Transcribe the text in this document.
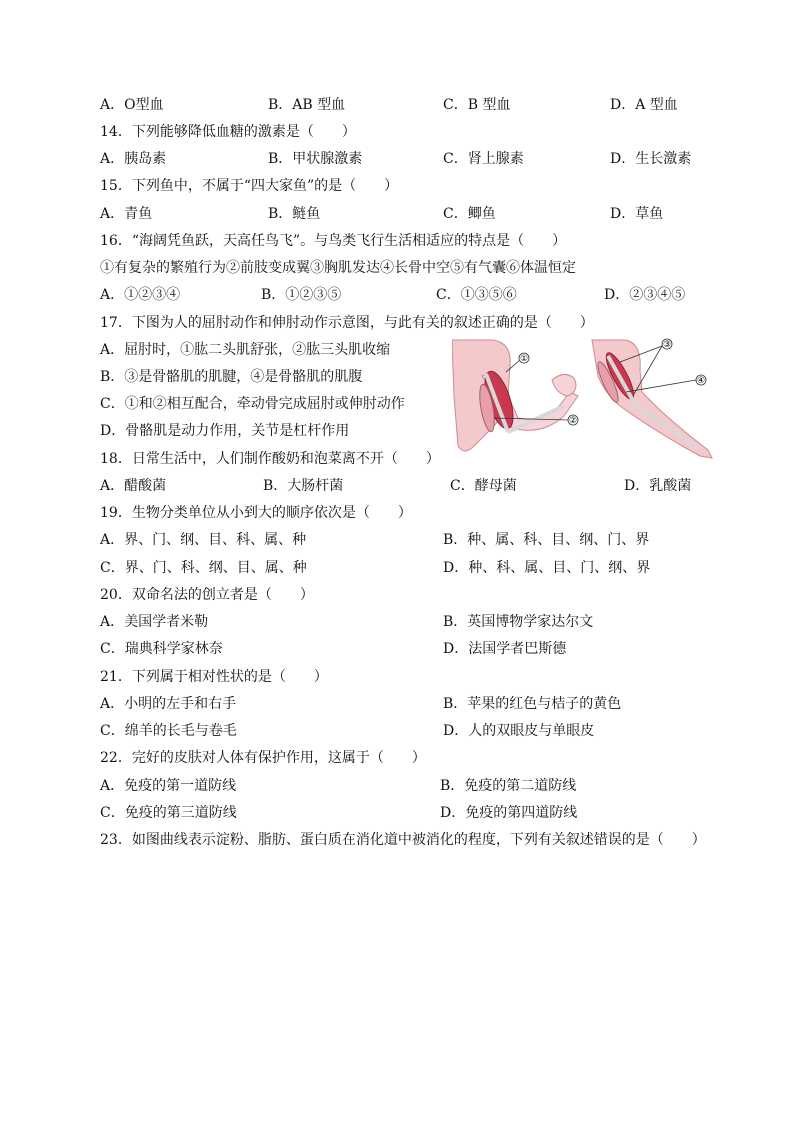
A．O型血	B．AB 型血	C．B 型血	D．A 型血
14．下列能够降低血糖的激素是（　　）
A．胰岛素	B．甲状腺激素	C．肾上腺素	D．生长激素
15．下列鱼中，不属于“四大家鱼”的是（　　）
A．青鱼	B．鲢鱼	C．鲫鱼	D．草鱼
16．“海阔凭鱼跃，天高任鸟飞”。与鸟类飞行生活相适应的特点是（　　）
①有复杂的繁殖行为②前肢变成翼③胸肌发达④长骨中空⑤有气囊⑥体温恒定
A．①②③④	B．①②③⑤	C．①③⑤⑥	D．②③④⑤
17．下图为人的屈肘动作和伸肘动作示意图，与此有关的叙述正确的是（　　）
A．屈肘时，①肱二头肌舒张，②肱三头肌收缩
B．③是骨骼肌的肌腱，④是骨骼肌的肌腹
C．①和②相互配合，牵动骨完成屈肘或伸肘动作
D．骨骼肌是动力作用，关节是杠杆作用
①
②
③
④
18．日常生活中，人们制作酸奶和泡菜离不开（　　）
A．醋酸菌	B．大肠杆菌	C．酵母菌	D．乳酸菌
19．生物分类单位从小到大的顺序依次是（　　）
A．界、门、纲、目、科、属、种	B．种、属、科、目、纲、门、界
C．界、门、科、纲、目、属、种	D．种、科、属、目、门、纲、界
20．双命名法的创立者是（　　）
A．美国学者米勒	B．英国博物学家达尔文
C．瑞典科学家林奈	D．法国学者巴斯德
21．下列属于相对性状的是（　　）
A．小明的左手和右手	B．苹果的红色与桔子的黄色
C．绵羊的长毛与卷毛	D．人的双眼皮与单眼皮
22．完好的皮肤对人体有保护作用，这属于（　　）
A．免疫的第一道防线	B．免疫的第二道防线
C．免疫的第三道防线	D．免疫的第四道防线
23．如图曲线表示淀粉、脂肪、蛋白质在消化道中被消化的程度，下列有关叙述错误的是（　　）
